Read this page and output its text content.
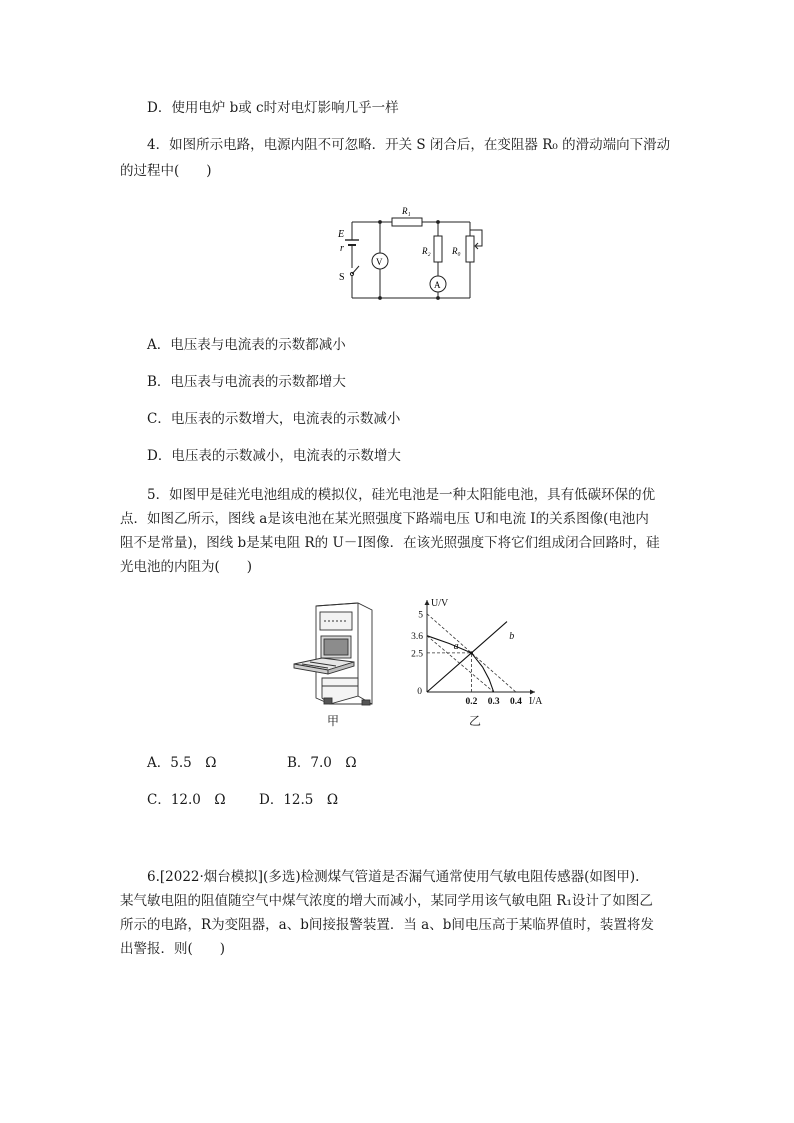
D．使用电炉 b或 c时对电灯影响几乎一样
4．如图所示电路，电源内阻不可忽略．开关 S 闭合后，在变阻器 R₀ 的滑动端向下滑动
的过程中(　　)
E
r
S
V
A
R₁
R₂ R₀
A．电压表与电流表的示数都减小
B．电压表与电流表的示数都增大
C．电压表的示数增大，电流表的示数减小
D．电压表的示数减小，电流表的示数增大
5．如图甲是硅光电池组成的模拟仪，硅光电池是一种太阳能电池，具有低碳环保的优
点．如图乙所示，图线 a是该电池在某光照强度下路端电压 U和电流 I的关系图像(电池内
阻不是常量)，图线 b是某电阻 R的 U－I图像．在该光照强度下将它们组成闭合回路时，硅
光电池的内阻为(　　)
甲
a
b
0.2 0.3 0.4
5
3.6
2.5
0
I/A
U/V
乙
A．5.5　Ω	B．7.0　Ω
C．12.0　Ω D．12.5　Ω
6.[2022·烟台模拟](多选)检测煤气管道是否漏气通常使用气敏电阻传感器(如图甲).
某气敏电阻的阻值随空气中煤气浓度的增大而减小，某同学用该气敏电阻 R₁设计了如图乙
所示的电路，R为变阻器，a、b间接报警装置．当 a、b间电压高于某临界值时，装置将发
出警报．则(　　)
